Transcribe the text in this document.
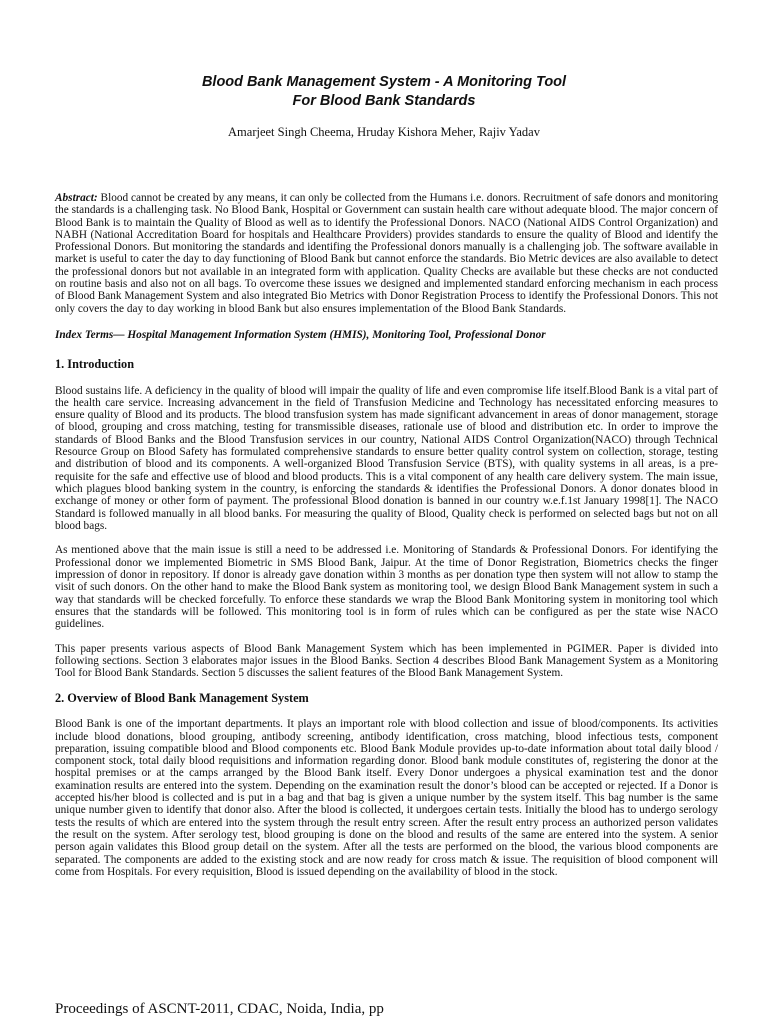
Blood Bank Management System - A Monitoring Tool
For Blood Bank Standards
Amarjeet Singh Cheema, Hruday Kishora Meher, Rajiv Yadav

Abstract: Blood cannot be created by any means, it can only be collected from the Humans i.e. donors. Recruitment of safe donors and monitoring the standards is a challenging task. No Blood Bank, Hospital or Government can sustain health care without adequate blood. The major concern of Blood Bank is to maintain the Quality of Blood as well as to identify the Professional Donors. NACO (National AIDS Control Organization) and NABH (National Accreditation Board for hospitals and Healthcare Providers) provides standards to ensure the quality of Blood and identify the Professional Donors. But monitoring the standards and identifing the Professional donors manually is a challenging job. The software available in market is useful to cater the day to day functioning of Blood Bank but cannot enforce the standards. Bio Metric devices are also available to detect the professional donors but not available in an integrated form with application. Quality Checks are available but these checks are not conducted on routine basis and also not on all bags. To overcome these issues we designed and implemented standard enforcing mechanism in each process of Blood Bank Management System and also integrated Bio Metrics with Donor Registration Process to identify the Professional Donors. This not only covers the day to day working in blood Bank but also ensures implementation of the Blood Bank Standards.

Index Terms— Hospital Management Information System (HMIS), Monitoring Tool, Professional Donor

1. Introduction

Blood sustains life. A deficiency in the quality of blood will impair the quality of life and even compromise life itself.Blood Bank is a vital part of the health care service. Increasing advancement in the field of Transfusion Medicine and Technology has necessitated enforcing measures to ensure quality of Blood and its products. The blood transfusion system has made significant advancement in areas of donor management, storage of blood, grouping and cross matching, testing for transmissible diseases, rationale use of blood and distribution etc. In order to improve the standards of Blood Banks and the Blood Transfusion services in our country, National AIDS Control Organization(NACO) through Technical Resource Group on Blood Safety has formulated comprehensive standards to ensure better quality control system on collection, storage, testing and distribution of blood and its components. A well-organized Blood Transfusion Service (BTS), with quality systems in all areas, is a pre-requisite for the safe and effective use of blood and blood products. This is a vital component of any health care delivery system. The main issue, which plagues blood banking system in the country, is enforcing the standards & identifies the Professional Donors. A donor donates blood in exchange of money or other form of payment. The professional Blood donation is banned in our country w.e.f.1st January 1998[1]. The NACO Standard is followed manually in all blood banks. For measuring the quality of Blood, Quality check is performed on selected bags but not on all blood bags.

As mentioned above that the main issue is still a need to be addressed i.e. Monitoring of Standards & Professional Donors. For identifying the Professional donor we implemented Biometric in SMS Blood Bank, Jaipur. At the time of Donor Registration, Biometrics checks the finger impression of donor in repository. If donor is already gave donation within 3 months as per donation type then system will not allow to stamp the visit of such donors. On the other hand to make the Blood Bank system as monitoring tool, we design Blood Bank Management system in such a way that standards will be checked forcefully. To enforce these standards we wrap the Blood Bank Monitoring system in monitoring tool which ensures that the standards will be followed. This monitoring tool is in form of rules which can be configured as per the state wise NACO guidelines.

This paper presents various aspects of Blood Bank Management System which has been implemented in PGIMER. Paper is divided into following sections. Section 3 elaborates major issues in the Blood Banks. Section 4 describes Blood Bank Management System as a Monitoring Tool for Blood Bank Standards. Section 5 discusses the salient features of the Blood Bank Management System.

2. Overview of Blood Bank Management System

Blood Bank is one of the important departments. It plays an important role with blood collection and issue of blood/components. Its activities include blood donations, blood grouping, antibody screening, antibody identification, cross matching, blood infectious tests, component preparation, issuing compatible blood and Blood components etc. Blood Bank Module provides up-to-date information about total daily blood / component stock, total daily blood requisitions and information regarding donor. Blood bank module constitutes of, registering the donor at the hospital premises or at the camps arranged by the Blood Bank itself. Every Donor undergoes a physical examination test and the donor examination results are entered into the system. Depending on the examination result the donor’s blood can be accepted or rejected. If a Donor is accepted his/her blood is collected and is put in a bag and that bag is given a unique number by the system itself. This bag number is the same unique number given to identify that donor also. After the blood is collected, it undergoes certain tests. Initially the blood has to undergo serology tests the results of which are entered into the system through the result entry screen. After the result entry process an authorized person validates the result on the system. After serology test, blood grouping is done on the blood and results of the same are entered into the system. A senior person again validates this Blood group detail on the system. After all the tests are performed on the blood, the various blood components are separated. The components are added to the existing stock and are now ready for cross match & issue. The requisition of blood component will come from Hospitals. For every requisition, Blood is issued depending on the availability of blood in the stock.

Proceedings of ASCNT-2011, CDAC, Noida, India, pp
